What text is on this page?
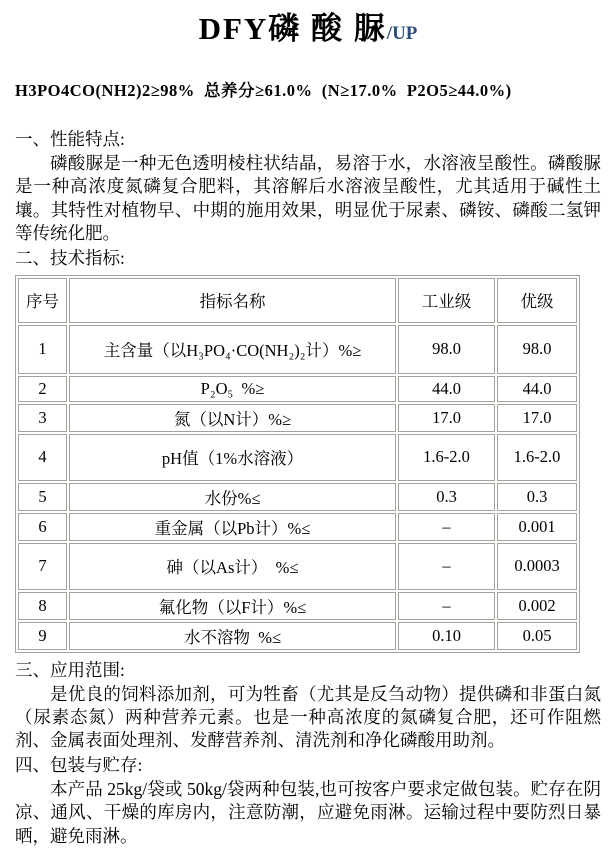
DFY磷 酸 脲/UP
H3PO4CO(NH2)2≥98%  总养分≥61.0%  (N≥17.0%  P2O5≥44.0%)
一、性能特点:
磷酸脲是一种无色透明棱柱状结晶，易溶于水，水溶液呈酸性。磷酸脲是一种高浓度氮磷复合肥料，其溶解后水溶液呈酸性，尤其适用于碱性土壤。其特性对植物早、中期的施用效果，明显优于尿素、磷铵、磷酸二氢钾等传统化肥。
二、技术指标:
序号	指标名称	工业级	优级
1	主含量（以H₃PO₄·CO(NH₂)₂计）%≥	98.0	98.0
2	P₂O₅  %≥	44.0	44.0
3	氮（以N计）%≥	17.0	17.0
4	pH值（1%水溶液）	1.6-2.0	1.6-2.0
5	水份%≤	0.3	0.3
6	重金属（以Pb计）%≤	–	0.001
7	砷（以As计）  %≤	–	0.0003
8	氟化物（以F计）%≤	–	0.002
9	水不溶物  %≤	0.10	0.05
三、应用范围:
是优良的饲料添加剂，可为牲畜（尤其是反刍动物）提供磷和非蛋白氮（尿素态氮）两种营养元素。也是一种高浓度的氮磷复合肥，还可作阻燃剂、金属表面处理剂、发酵营养剂、清洗剂和净化磷酸用助剂。
四、包装与贮存:
本产品 25kg/袋或 50kg/袋两种包装,也可按客户要求定做包装。贮存在阴凉、通风、干燥的库房内，注意防潮，应避免雨淋。运输过程中要防烈日暴晒，避免雨淋。
